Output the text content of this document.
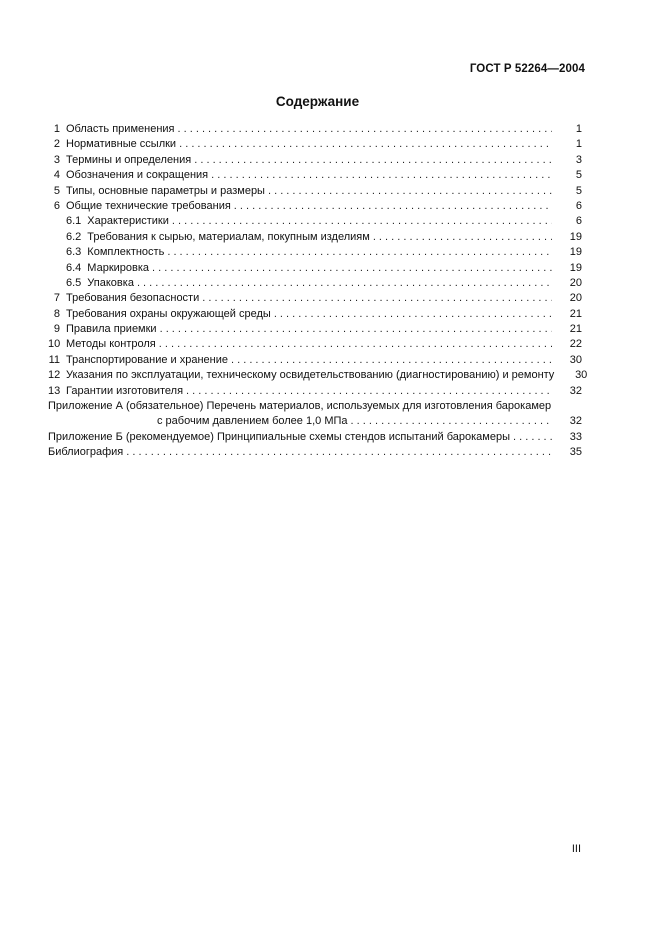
ГОСТ Р 52264—2004
Содержание
1 Область применения . . .	1
2 Нормативные ссылки . . .	1
3 Термины и определения . . .	3
4 Обозначения и сокращения . . .	5
5 Типы, основные параметры и размеры . . .	5
6 Общие технические требования . . .	6
6.1 Характеристики . . .	6
6.2 Требования к сырью, материалам, покупным изделиям . . .	19
6.3 Комплектность . . .	19
6.4 Маркировка . . .	19
6.5 Упаковка . . .	20
7 Требования безопасности . . .	20
8 Требования охраны окружающей среды . . .	21
9 Правила приемки . . .	21
10 Методы контроля . . .	22
11 Транспортирование и хранение . . .	30
12 Указания по эксплуатации, техническому освидетельствованию (диагностированию) и ремонту	30
13 Гарантии изготовителя . . .	32
Приложение А (обязательное) Перечень материалов, используемых для изготовления барокамер
с рабочим давлением более 1,0 МПа . . .	32
Приложение Б (рекомендуемое) Принципиальные схемы стендов испытаний барокамеры . . .	33
Библиография . . .	35
III
